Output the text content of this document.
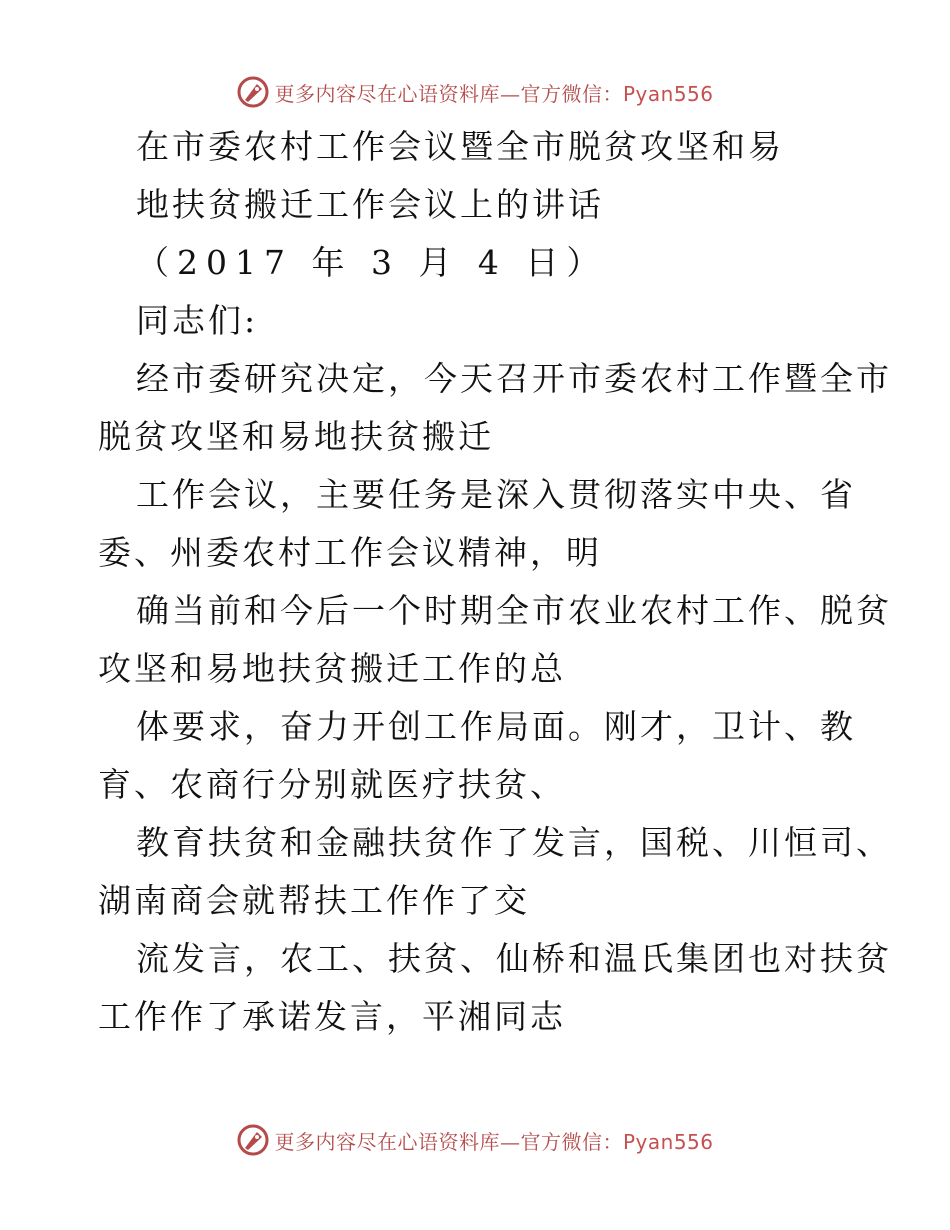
更多内容尽在心语资料库—官方微信：Pyan556
在市委农村工作会议暨全市脱贫攻坚和易
地扶贫搬迁工作会议上的讲话
（2017 年 3 月 4 日）
同志们:
经市委研究决定，今天召开市委农村工作暨全市
脱贫攻坚和易地扶贫搬迁
工作会议，主要任务是深入贯彻落实中央、省
委、州委农村工作会议精神，明
确当前和今后一个时期全市农业农村工作、脱贫
攻坚和易地扶贫搬迁工作的总
体要求，奋力开创工作局面。刚才，卫计、教
育、农商行分别就医疗扶贫、
教育扶贫和金融扶贫作了发言，国税、川恒司、
湖南商会就帮扶工作作了交
流发言，农工、扶贫、仙桥和温氏集团也对扶贫
工作作了承诺发言，平湘同志
更多内容尽在心语资料库—官方微信：Pyan556
